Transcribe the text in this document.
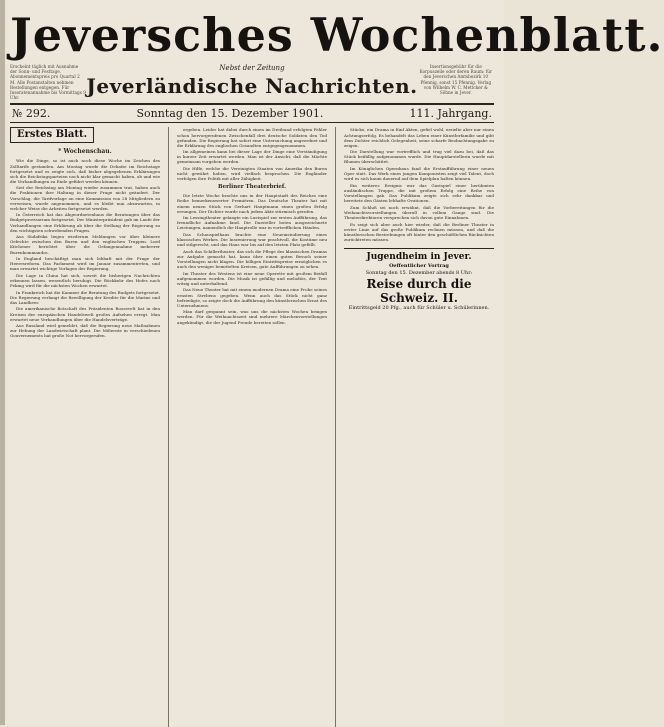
Jeversches Wochenblatt.
Erscheint täglich mit Ausnahme der Sonn- und Festtage. Abonnementspreis pro Quartal 2 M. Alle Postanstalten nehmen Bestellungen entgegen. Für Inseratenannahme bis Vormittags 9 Uhr.
Nebst der Zeitung
Jeverländische Nachrichten.
Insertionsgebühr für die Korpuszeile oder deren Raum: für den Jeverschen Amtsbezirk 10 Pfennig, sonst 15 Pfennig. Verlag von Wilhelm W. C. Mettcker & Söhne in Jever.
№ 292.	Sonntag den 15. Dezember 1901.	111. Jahrgang.
Erstes Blatt.
* Wochenschau.

Wie die Dinge, so ist auch noch diese Woche im Zeichen des Zolltarifs gestanden. Am Montag wurde die Debatte im Reichstage fortgesetzt und es zeigte sich, daß bisher abgegebenen Erklärungen sich die Reichstagsparteien noch nicht klar gemacht haben, ob und wie die Verhandlungen zu Ende geführt werden können.

Seit der Reichstag am Montag wieder zusammen trat, haben auch die Fraktionen ihre Haltung in dieser Frage nicht geändert. Der Vorschlag, die Tarifvorlage an eine Kommission von 28 Mitgliedern zu verweisen, wurde angenommen, und es bleibt nun abzuwarten, in welcher Weise die Arbeiten fortgesetzt werden.

In Österreich hat das Abgeordnetenhaus die Beratungen über das Budgetprovisorium fortgesetzt. Der Ministerpräsident gab im Laufe der Verhandlungen eine Erklärung ab über die Stellung der Regierung zu den wichtigsten schwebenden Fragen.

Aus Südafrika liegen wiederum Meldungen vor über kleinere Gefechte zwischen den Buren und den englischen Truppen. Lord Kitchener berichtet über die Gefangennahme mehrerer Burenkommandos.

In England beschäftigt man sich lebhaft mit der Frage der Heeresreform. Das Parlament wird im Januar zusammentreten, und man erwartet wichtige Vorlagen der Regierung.

Die Lage in China hat sich, soweit die bisherigen Nachrichten erkennen lassen, wesentlich beruhigt. Die Rückkehr des Hofes nach Peking wird für die nächsten Wochen erwartet.

In Frankreich hat die Kammer die Beratung des Budgets fortgesetzt. Die Regierung verlangt die Bewilligung der Kredite für die Marine und das Landheer.

Die amerikanische Botschaft des Präsidenten Roosevelt hat in den Kreisen der europäischen Handelswelt großes Aufsehen erregt. Man erwartet neue Verhandlungen über die Handelsverträge.

Aus Russland wird gemeldet, daß die Regierung neue Maßnahmen zur Hebung der Landwirtschaft plant. Die Mißernte in verschiedenen Gouvernements hat große Not hervorgerufen.

ergeben. Leider hat dabei durch einen im Dreibund erfolgten Fehler schon hervorgerufenen Zwischenfall drei deutsche Soldaten den Tod gefunden. Die Regierung hat sofort eine Untersuchung angeordnet und die Erklärung des englischen Gesandten entgegengenommen.

Im allgemeinen kann bei dieser Lage der Dinge eine Verständigung in kurzer Zeit erwartet werden. Man ist der Ansicht, daß die Mächte gemeinsam vorgehen werden.

Die Hilfe, welche die Vereinigten Staaten von Amerika den Buren nicht gewährt haben, wird vielfach besprochen. Die Engländer verfolgen ihre Politik mit aller Zähigkeit.

Berliner Theaterbrief.

Die letzte Woche brachte uns in der Hauptstadt des Reiches eine Reihe bemerkenswerter Premièren. Das Deutsche Theater hat mit einem neuen Stück von Gerhart Hauptmann einen großen Erfolg errungen. Der Dichter wurde nach jedem Akte stürmisch gerufen.

Im Lessingtheater gelangte ein Lustspiel zur ersten Aufführung, das freundliche Aufnahme fand. Die Darsteller boten ausgezeichnete Leistungen, namentlich die Hauptrolle war in vortrefflichen Händen.

Das Schauspielhaus brachte eine Neueinstudierung eines klassischen Werkes. Die Inszenierung war prachtvoll, die Kostüme neu und stilgerecht, und das Haus war bis auf den letzten Platz gefüllt.

Auch das Schillertheater, das sich die Pflege des klassischen Dramas zur Aufgabe gemacht hat, kann über einen guten Besuch seiner Vorstellungen nicht klagen. Die billigen Eintrittspreise ermöglichen es auch den weniger bemittelten Kreisen, gute Aufführungen zu sehen.

Im Theater des Westens ist eine neue Operette mit großem Beifall aufgenommen worden. Die Musik ist gefällig und melodiös, der Text witzig und unterhaltend.

Das Neue Theater hat mit einem modernen Drama eine Probe seines ernsten Strebens gegeben. Wenn auch das Stück nicht ganz befriedigte, so zeigte doch die Aufführung den künstlerischen Ernst des Unternehmens.

Man darf gespannt sein, was uns die nächsten Wochen bringen werden. Für die Weihnachtszeit sind mehrere Märchenvorstellungen angekündigt, die der Jugend Freude bereiten sollen.

Stücke, ein Drama in fünf Akten, gefiel wohl, erzielte aber nur einen Achtungserfolg. Es behandelt das Leben einer Künstlerfamilie und gibt dem Dichter reichlich Gelegenheit, seine scharfe Beobachtungsgabe zu zeigen.

Die Darstellung war vortrefflich und trug viel dazu bei, daß das Stück beifällig aufgenommen wurde. Die Hauptdarstellerin wurde mit Blumen überschüttet.

Im Königlichen Opernhaus fand die Erstaufführung einer neuen Oper statt. Das Werk eines jungen Komponisten zeigt viel Talent, doch wird es sich kaum dauernd auf dem Spielplan halten können.

Ein weiteres Ereignis war das Gastspiel einer berühmten ausländischen Truppe, die mit großem Erfolg eine Reihe von Vorstellungen gab. Das Publikum zeigte sich sehr dankbar und bereitete den Gästen lebhafte Ovationen.

Zum Schluß sei noch erwähnt, daß die Vorbereitungen für die Weihnachtsvorstellungen überall in vollem Gange sind. Die Theaterdirektoren versprechen sich davon gute Einnahmen.

Es zeigt sich aber auch hier wieder, daß die Berliner Theater in erster Linie auf das große Publikum rechnen müssen, und daß die künstlerischen Bestrebungen oft hinter den geschäftlichen Rücksichten zurücktreten müssen.

Jugendheim in Jever.
Oeffentlicher Vortrag
Sonntag den 15. Dezember abends 8 Uhr:
Reise durch die Schweiz. II.
Eintrittsgeld 20 Pfg., auch für Schüler u. Schülerinnen.
